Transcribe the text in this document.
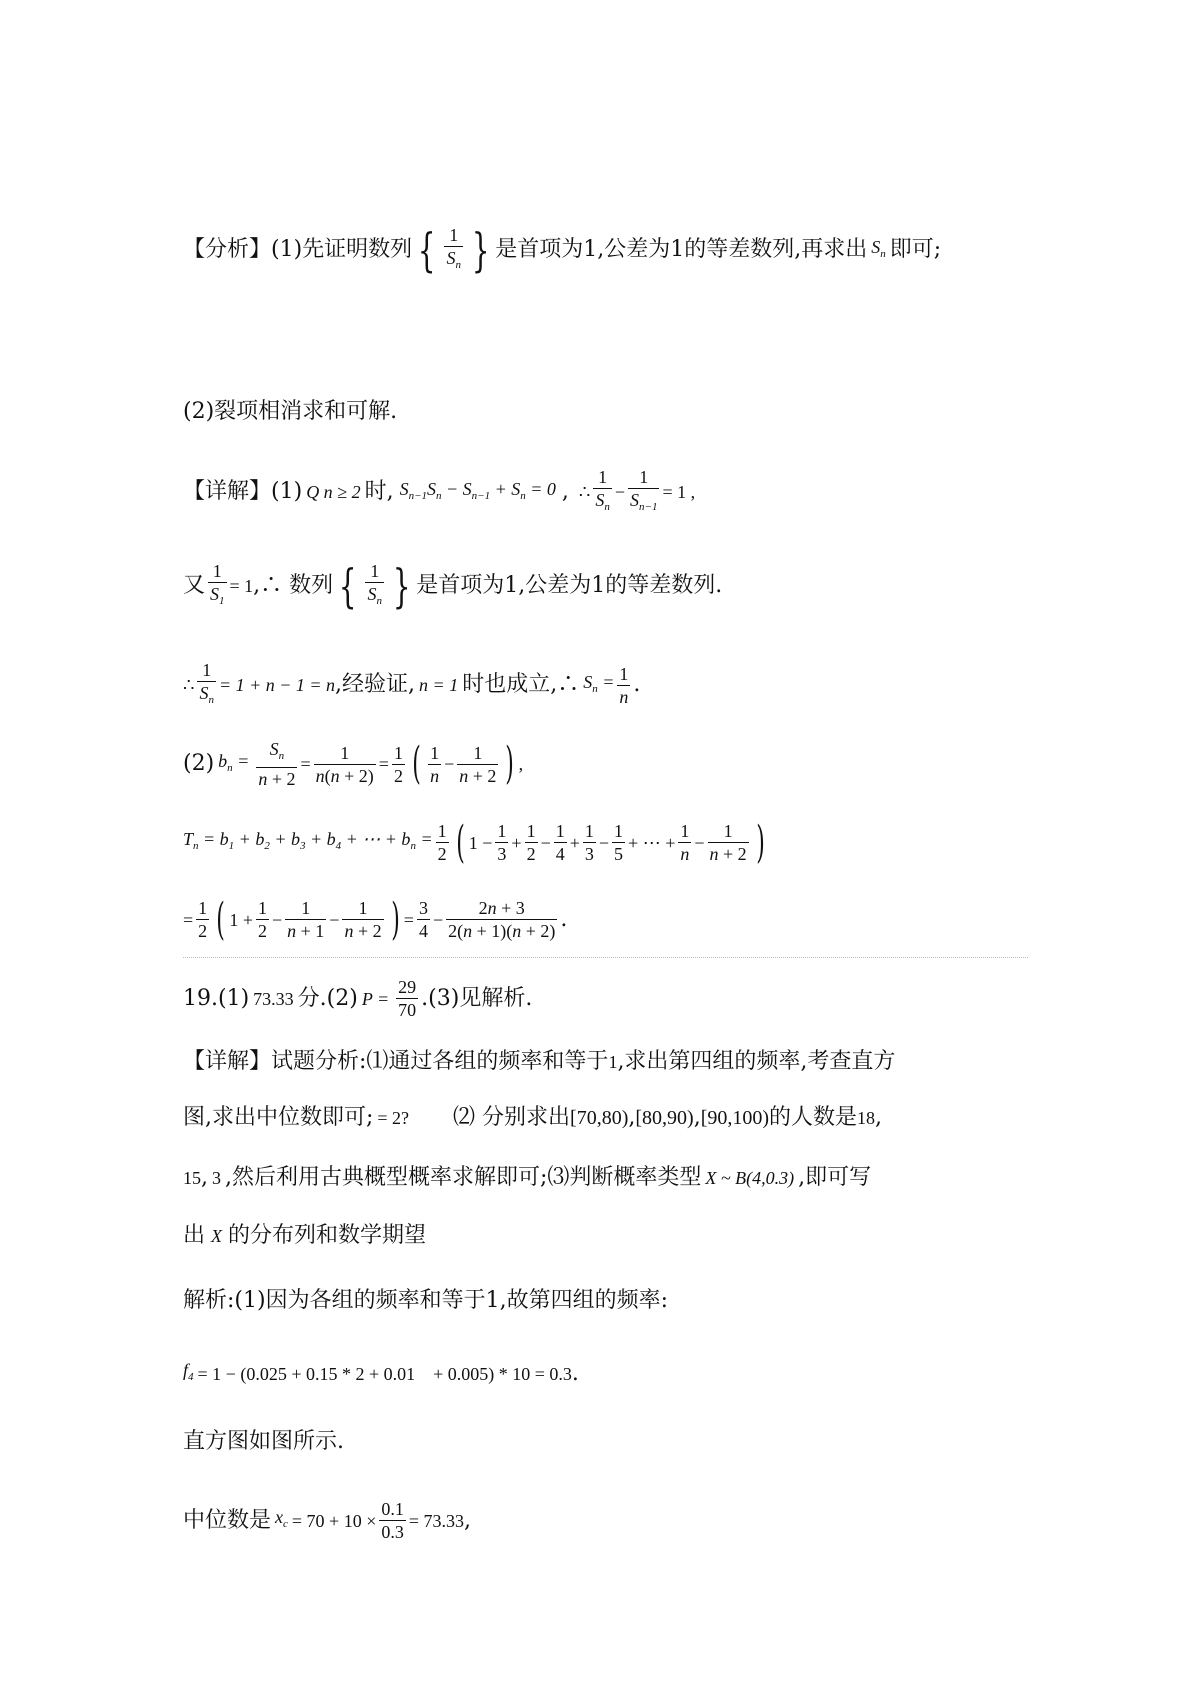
【分析】 (1)先证明数列 { $\frac{1}{S_n}$ } 是首项为1,公差为1的等差数列,再求出 $S_n$ 即可;
(2)裂项相消求和可解.
【详解】 (1) Q n ≥ 2 时, $S_{n-1}S_n - S_{n-1} + S_n = 0$ , ∴ $\frac{1}{S_n} - \frac{1}{S_{n-1}} = 1$ ,
又 $\frac{1}{S_1} = 1$ ,∴ 数列 { $\frac{1}{S_n}$ } 是首项为1,公差为1的等差数列.
∴ $\frac{1}{S_n} = 1 + n - 1 = n$ ,经验证, n = 1 时也成立,∴ $S_n = \frac{1}{n}$ .
(2) $b_n = \frac{S_n}{n + 2} = \frac{1}{n(n + 2)} = \frac{1}{2}$ ( $\frac{1}{n} - \frac{1}{n + 2}$ ) ,
$T_n = b_1 + b_2 + b_3 + b_4$ + ⋯ + $b_n = \frac{1}{2}$ ( $1 - \frac{1}{3} + \frac{1}{2} - \frac{1}{4} + \frac{1}{3} - \frac{1}{5}$ + ⋯ + $\frac{1}{n} - \frac{1}{n + 2}$ )
= $\frac{1}{2}$ ( $1 + \frac{1}{2} - \frac{1}{n + 1} - \frac{1}{n + 2}$ ) = $\frac{3}{4} - \frac{2n + 3}{2(n + 1)(n + 2)}$ .
19. (1) 73.33 分.(2) $P = \frac{29}{70} .(3)$见解析.
【详解】 试题分析:⑴通过各组的频率和等于 1 ,求出第四组的频率,考查直方
图,求出中位数即可; = 2? ⑵ 分别求出 [70,80) , [80,90) , [90,100) 的人数是 18 ,
15 , 3 ,然后利用古典概型概率求解即可;⑶判断概率类型 X ~ B(4,0.3) ,即可写
出 X 的分布列和数学期望
解析:(1)因为各组的频率和等于1,故第四组的频率:
$f_4 = 1 - (0.025 + 0.15 * 2 + 0.01$    + 0.005) * 10 = 0.3 .
直方图如图所示.
中位数是 $x_c = 70 + 10 \times \frac{0.1}{0.3} = 73.33$ ,
